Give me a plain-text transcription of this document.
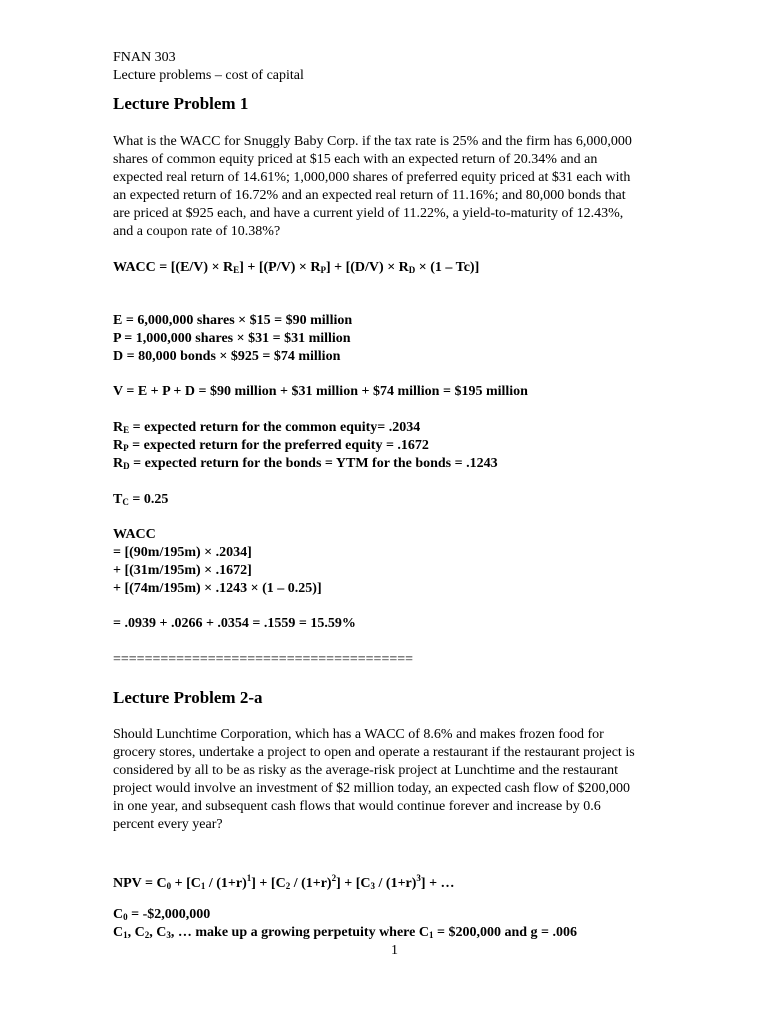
FNAN 303
Lecture problems – cost of capital
Lecture Problem 1
What is the WACC for Snuggly Baby Corp. if the tax rate is 25% and the firm has 6,000,000
shares of common equity priced at $15 each with an expected return of 20.34% and an
expected real return of 14.61%; 1,000,000 shares of preferred equity priced at $31 each with
an expected return of 16.72% and an expected real return of 11.16%; and 80,000 bonds that
are priced at $925 each, and have a current yield of 11.22%, a yield-to-maturity of 12.43%,
and a coupon rate of 10.38%?
WACC = $[(E/V) \times R_E] + [(P/V) \times R_P] + [(D/V) \times R_D \times (1 - Tc)]$
E = 6,000,000 shares × $15 = $90 million
P = 1,000,000 shares × $31 = $31 million
D = 80,000 bonds × $925 = $74 million
V = E + P + D = $90 million + $31 million + $74 million = $195 million
$R_E$ = expected return for the common equity= .2034
$R_P$ = expected return for the preferred equity = .1672
$R_D$ = expected return for the bonds = YTM for the bonds = .1243
$T_C = 0.25$
WACC
= [(90m/195m) × .2034]
+ [(31m/195m) × .1672]
+ [(74m/195m) × .1243 × (1 – 0.25)]
= .0939 + .0266 + .0354 = .1559 = 15.59%
======================================
Lecture Problem 2-a
Should Lunchtime Corporation, which has a WACC of 8.6% and makes frozen food for
grocery stores, undertake a project to open and operate a restaurant if the restaurant project is
considered by all to be as risky as the average-risk project at Lunchtime and the restaurant
project would involve an investment of $2 million today, an expected cash flow of $200,000
in one year, and subsequent cash flows that would continue forever and increase by 0.6
percent every year?
NPV = $C_0 + [C_1 / (1+r)^1] + [C_2 / (1+r)^2] + [C_3 / (1+r)^3]$ + …
$C_0$ = -$2,000,000
$C_1$, $C_2$, $C_3$, … make up a growing perpetuity where $C_1$ = $200,000 and g = .006
1
